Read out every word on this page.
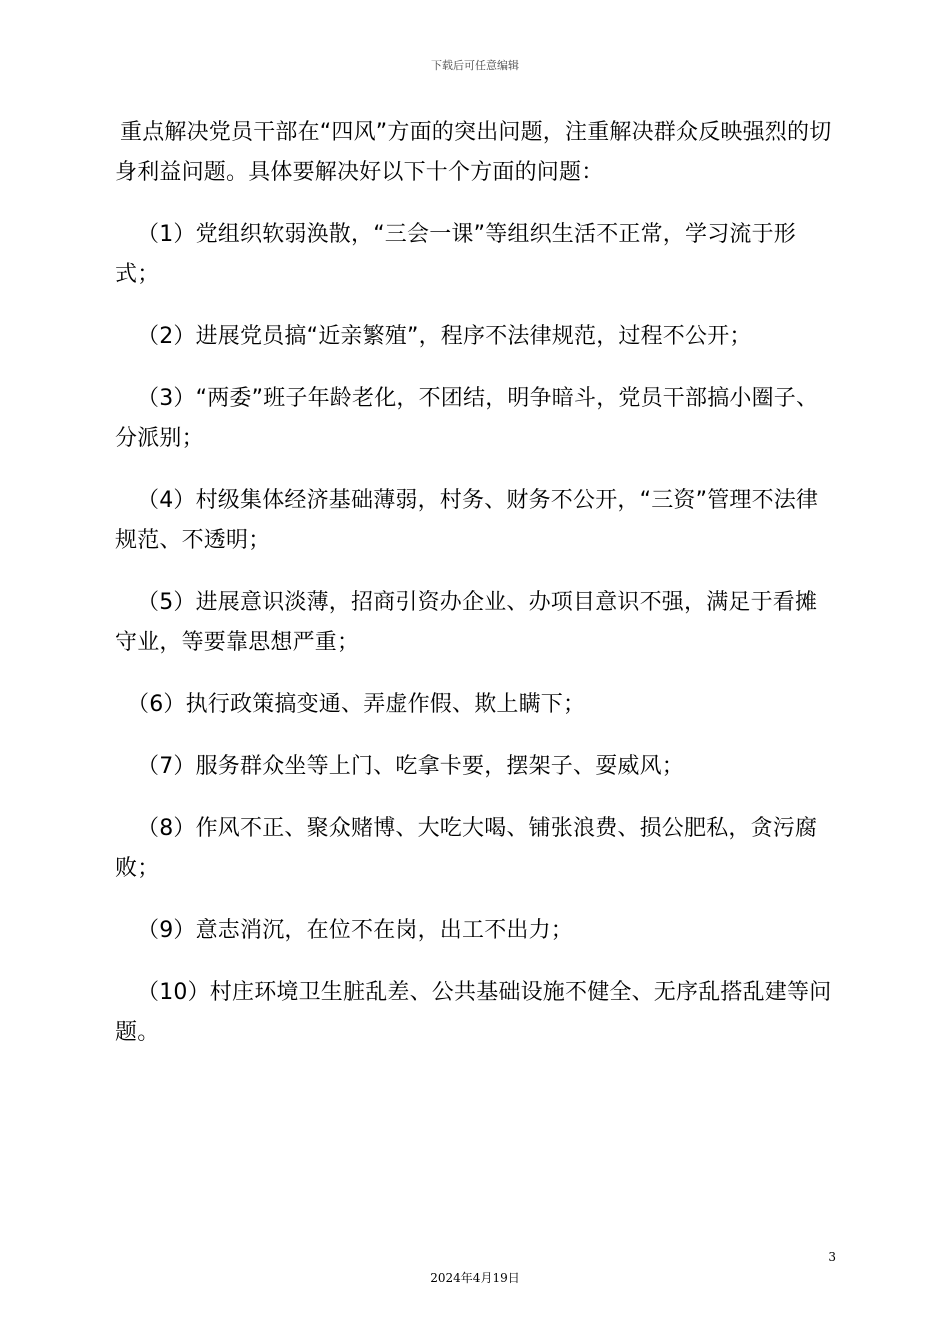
下载后可任意编辑

重点解决党员干部在“四风”方面的突出问题，注重解决群众反映强烈的切身利益问题。具体要解决好以下十个方面的问题：

（1）党组织软弱涣散，“三会一课”等组织生活不正常，学习流于形式；

（2）进展党员搞“近亲繁殖”，程序不法律规范，过程不公开；

（3）“两委”班子年龄老化，不团结，明争暗斗，党员干部搞小圈子、分派别；

（4）村级集体经济基础薄弱，村务、财务不公开，“三资”管理不法律规范、不透明；

（5）进展意识淡薄，招商引资办企业、办项目意识不强，满足于看摊守业，等要靠思想严重；

（6）执行政策搞变通、弄虚作假、欺上瞒下；

（7）服务群众坐等上门、吃拿卡要，摆架子、耍威风；

（8）作风不正、聚众赌博、大吃大喝、铺张浪费、损公肥私，贪污腐败；

（9）意志消沉，在位不在岗，出工不出力；

（10）村庄环境卫生脏乱差、公共基础设施不健全、无序乱搭乱建等问题。

3
2024年4月19日
